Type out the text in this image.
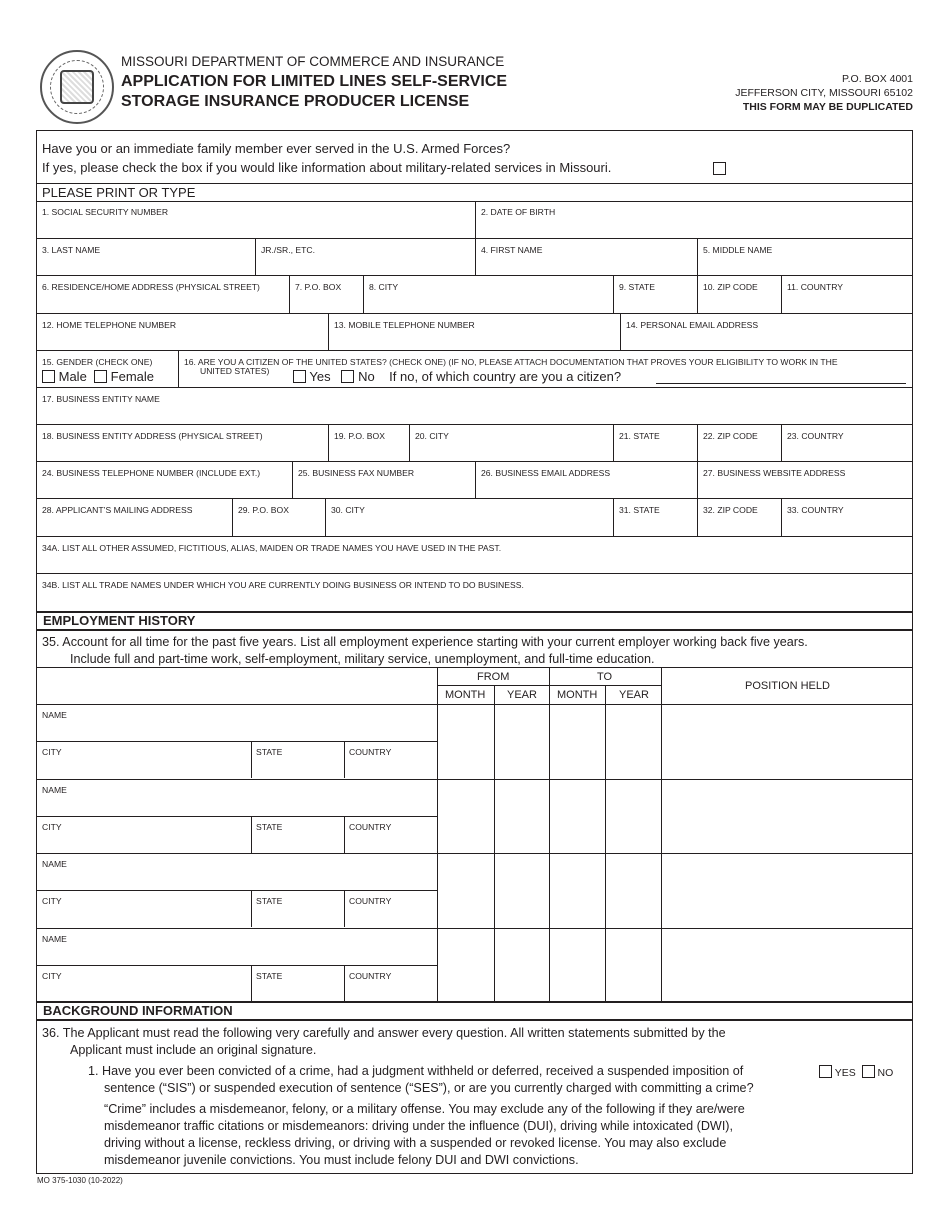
MISSOURI DEPARTMENT OF COMMERCE AND INSURANCE
APPLICATION FOR LIMITED LINES SELF-SERVICE
STORAGE INSURANCE PRODUCER LICENSE
P.O. BOX 4001
JEFFERSON CITY, MISSOURI 65102
THIS FORM MAY BE DUPLICATED
Have you or an immediate family member ever served in the U.S. Armed Forces?
If yes, please check the box if you would like information about military-related services in Missouri.
PLEASE PRINT OR TYPE
1. SOCIAL SECURITY NUMBER	2. DATE OF BIRTH
3. LAST NAME	JR./SR., ETC.	4. FIRST NAME	5. MIDDLE NAME
6. RESIDENCE/HOME ADDRESS (PHYSICAL STREET)	7. P.O. BOX	8. CITY	9. STATE	10. ZIP CODE	11. COUNTRY
12. HOME TELEPHONE NUMBER	13. MOBILE TELEPHONE NUMBER	14. PERSONAL EMAIL ADDRESS
15. GENDER (CHECK ONE)
Male Female
16. ARE YOU A CITIZEN OF THE UNITED STATES? (CHECK ONE) (IF NO, PLEASE ATTACH DOCUMENTATION THAT PROVES YOUR ELIGIBILITY TO WORK IN THE
UNITED STATES)	Yes No If no, of which country are you a citizen?
17. BUSINESS ENTITY NAME
18. BUSINESS ENTITY ADDRESS (PHYSICAL STREET)	19. P.O. BOX	20. CITY	21. STATE	22. ZIP CODE	23. COUNTRY
24. BUSINESS TELEPHONE NUMBER (INCLUDE EXT.)	25. BUSINESS FAX NUMBER	26. BUSINESS EMAIL ADDRESS	27. BUSINESS WEBSITE ADDRESS
28. APPLICANT’S MAILING ADDRESS	29. P.O. BOX	30. CITY	31. STATE	32. ZIP CODE	33. COUNTRY
34A. LIST ALL OTHER ASSUMED, FICTITIOUS, ALIAS, MAIDEN OR TRADE NAMES YOU HAVE USED IN THE PAST.
34B. LIST ALL TRADE NAMES UNDER WHICH YOU ARE CURRENTLY DOING BUSINESS OR INTEND TO DO BUSINESS.
EMPLOYMENT HISTORY
35. Account for all time for the past five years. List all employment experience starting with your current employer working back five years.
Include full and part-time work, self-employment, military service, unemployment, and full-time education.
FROM	TO
MONTH YEAR MONTH YEAR
POSITION HELD
NAME
CITY	STATE	COUNTRY
NAME
CITY	STATE	COUNTRY
NAME
CITY	STATE	COUNTRY
NAME
CITY	STATE	COUNTRY
BACKGROUND INFORMATION
36. The Applicant must read the following very carefully and answer every question. All written statements submitted by the
Applicant must include an original signature.
1. Have you ever been convicted of a crime, had a judgment withheld or deferred, received a suspended imposition of
sentence (“SIS”) or suspended execution of sentence (“SES”), or are you currently charged with committing a crime?
YES NO
“Crime” includes a misdemeanor, felony, or a military offense. You may exclude any of the following if they are/were
misdemeanor traffic citations or misdemeanors: driving under the influence (DUI), driving while intoxicated (DWI),
driving without a license, reckless driving, or driving with a suspended or revoked license. You may also exclude
misdemeanor juvenile convictions. You must include felony DUI and DWI convictions.
MO 375-1030 (10-2022)
